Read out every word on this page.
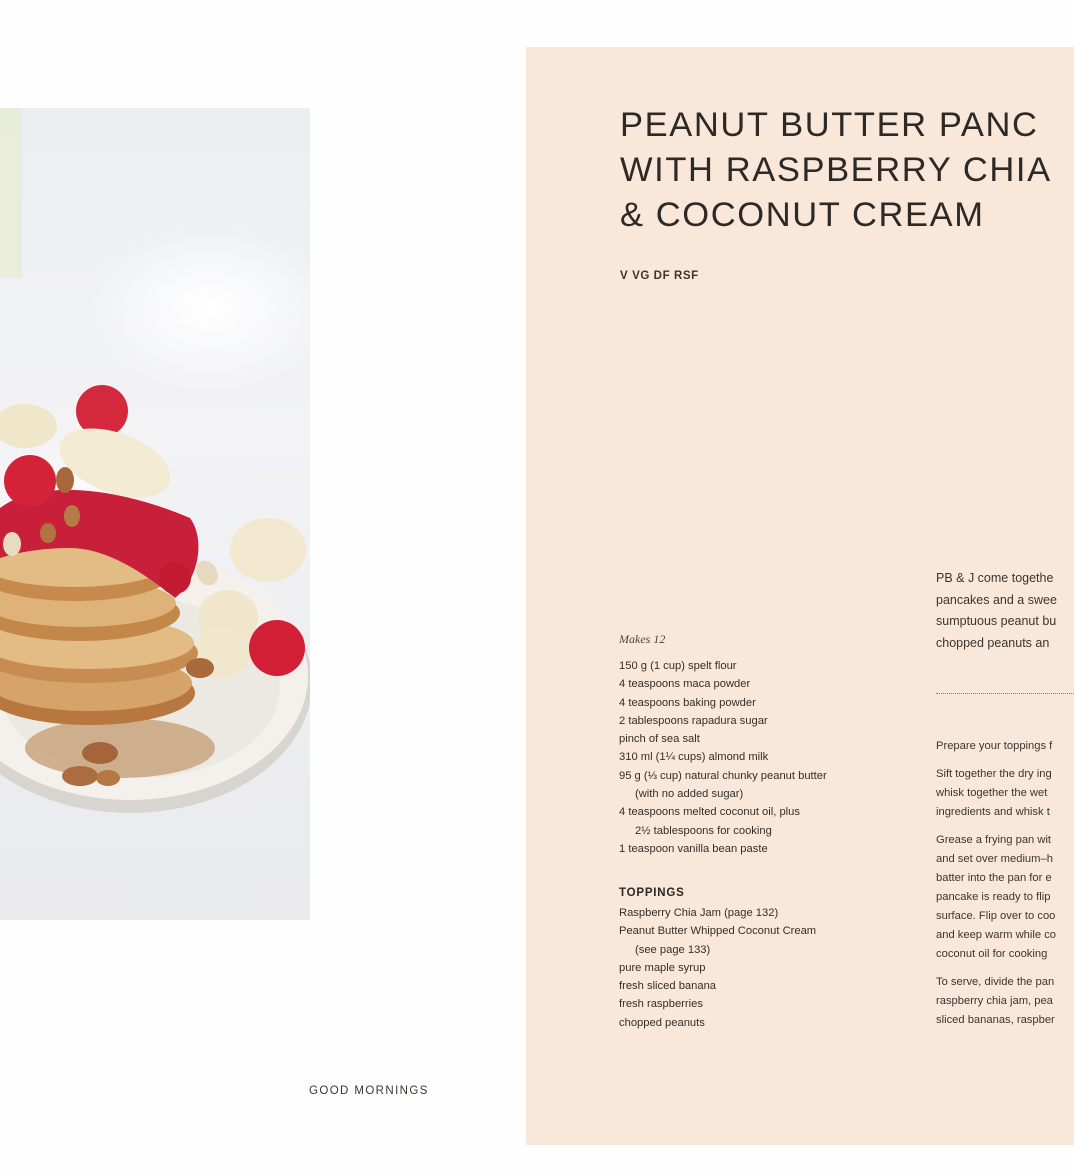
GOOD MORNINGS
PEANUT BUTTER PANC
WITH RASPBERRY CHIA
& COCONUT CREAM
V VG DF RSF
Makes 12
150 g (1 cup) spelt flour
4 teaspoons maca powder
4 teaspoons baking powder
2 tablespoons rapadura sugar
pinch of sea salt
310 ml (1¼ cups) almond milk
95 g (⅓ cup) natural chunky peanut butter
(with no added sugar)
4 teaspoons melted coconut oil, plus
2½ tablespoons for cooking
1 teaspoon vanilla bean paste
TOPPINGS
Raspberry Chia Jam (page 132)
Peanut Butter Whipped Coconut Cream
(see page 133)
pure maple syrup
fresh sliced banana
fresh raspberries
chopped peanuts
PB & J come togethe
pancakes and a swee
sumptuous peanut bu
chopped peanuts an

Prepare your toppings f

Sift together the dry ing
whisk together the wet
ingredients and whisk t

Grease a frying pan wit
and set over medium–h
batter into the pan for e
pancake is ready to flip
surface. Flip over to coo
and keep warm while co
coconut oil for cooking

To serve, divide the pan
raspberry chia jam, pea
sliced bananas, raspber
